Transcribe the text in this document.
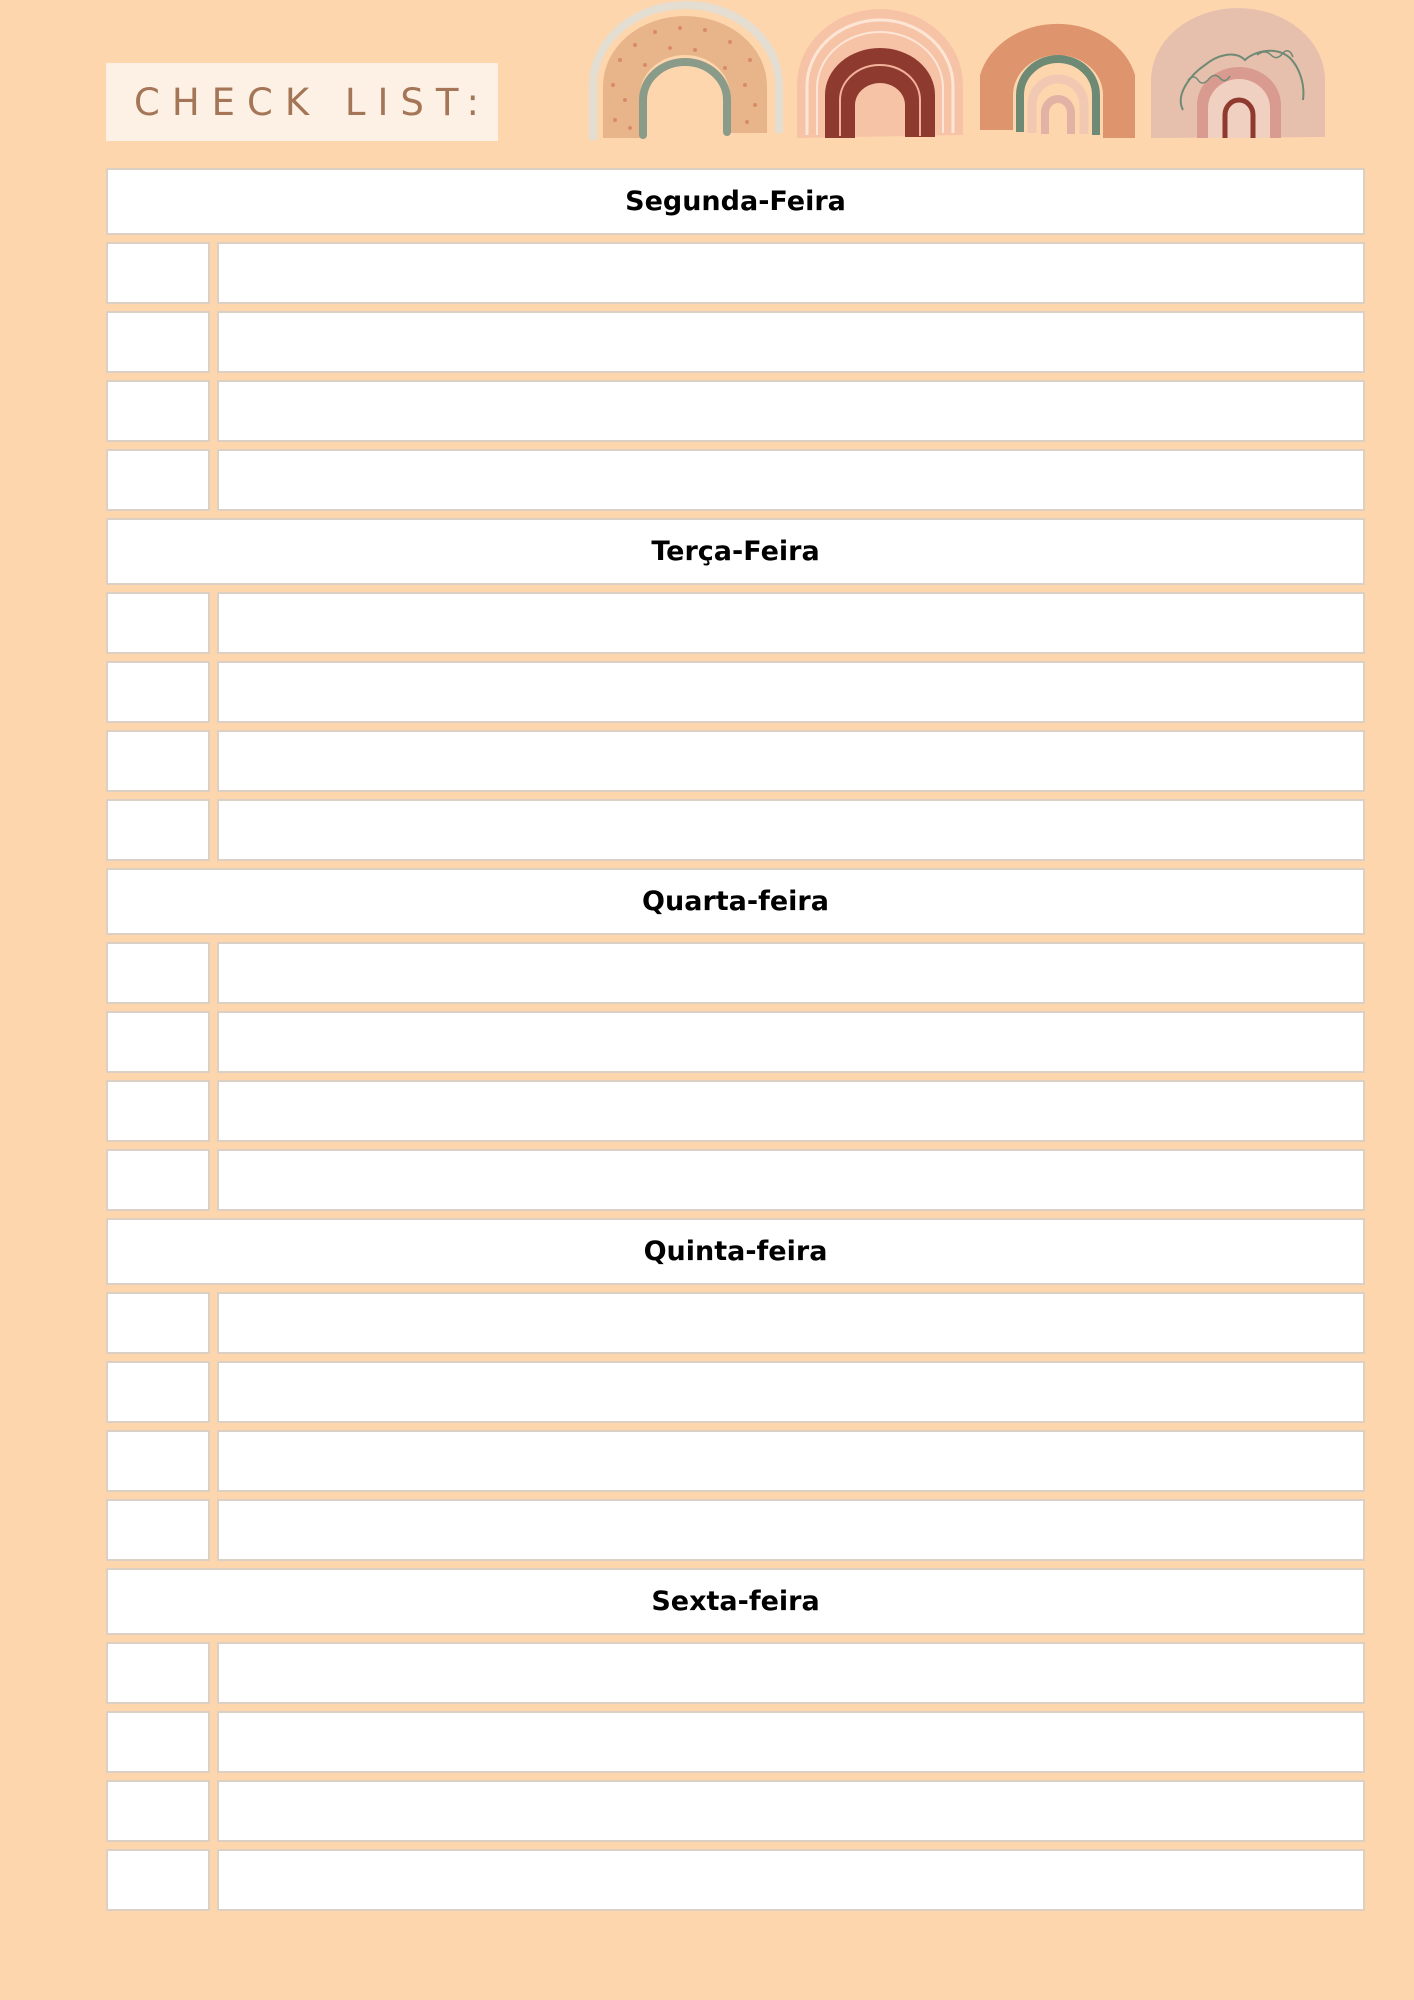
CHECK LIST:
Segunda-Feira
Terça-Feira
Quarta-feira
Quinta-feira
Sexta-feira
